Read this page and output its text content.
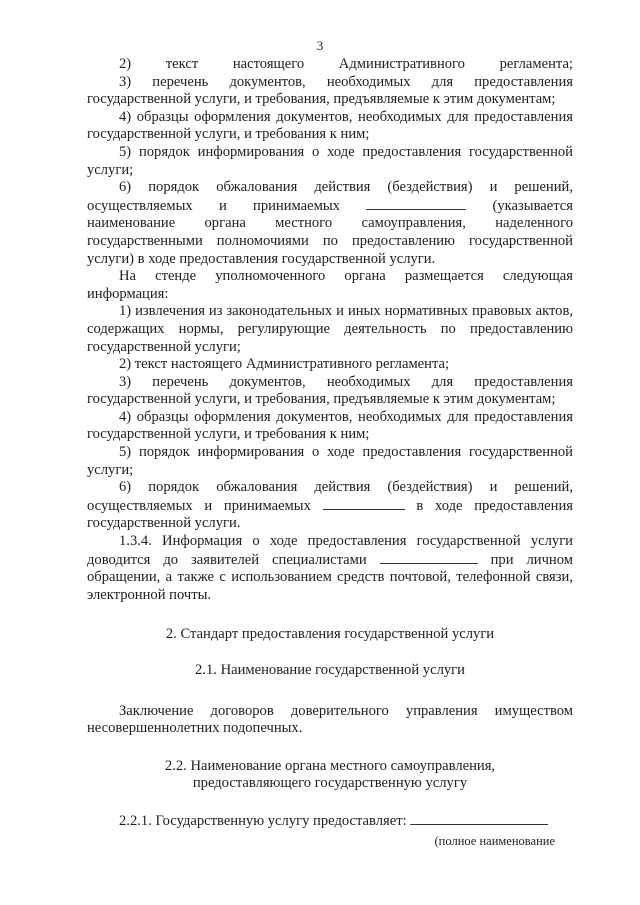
3

2) текст настоящего Административного регламента;

3) перечень документов, необходимых для предоставления государственной услуги, и требования, предъявляемые к этим документам;

4) образцы оформления документов, необходимых для предоставления государственной услуги, и требования к ним;

5) порядок информирования о ходе предоставления государственной услуги;

6) порядок обжалования действия (бездействия) и решений, осуществляемых и принимаемых	(указывается наименование органа местного самоуправления, наделенного государственными полномочиями по предоставлению государственной услуги) в ходе предоставления государственной услуги.

На стенде уполномоченного органа размещается следующая информация:

1) извлечения из законодательных и иных нормативных правовых актов, содержащих нормы, регулирующие деятельность по предоставлению государственной услуги;

2) текст настоящего Административного регламента;

3) перечень документов, необходимых для предоставления государственной услуги, и требования, предъявляемые к этим документам;

4) образцы оформления документов, необходимых для предоставления государственной услуги, и требования к ним;

5) порядок информирования о ходе предоставления государственной услуги;

6) порядок обжалования действия (бездействия) и решений, осуществляемых и принимаемых	в ходе предоставления государственной услуги.

1.3.4. Информация о ходе предоставления государственной услуги доводится до заявителей специалистами	при личном обращении, а также с использованием средств почтовой, телефонной связи, электронной почты.

2. Стандарт предоставления государственной услуги
2.1. Наименование государственной услуги

Заключение договоров доверительного управления имуществом несовершеннолетних подопечных.

2.2. Наименование органа местного самоуправления,
предоставляющего государственную услугу

2.2.1. Государственную услугу предоставляет:

(полное наименование
